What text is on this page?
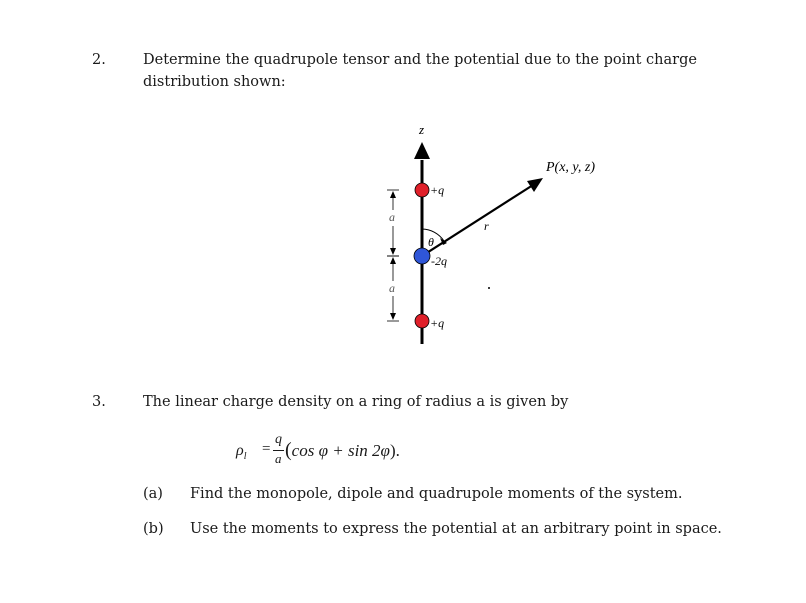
2.	Determine the quadrupole tensor and the potential due to the point charge
distribution shown:
z
r
P(x, y, z)
θ
+q
-2q
+q
a
a
3.	The linear charge density on a ring of radius a is given by
$\rho_l$ =
q
a (cos φ + sin 2φ).
(a) Find the monopole, dipole and quadrupole moments of the system.
(b) Use the moments to express the potential at an arbitrary point in space.
